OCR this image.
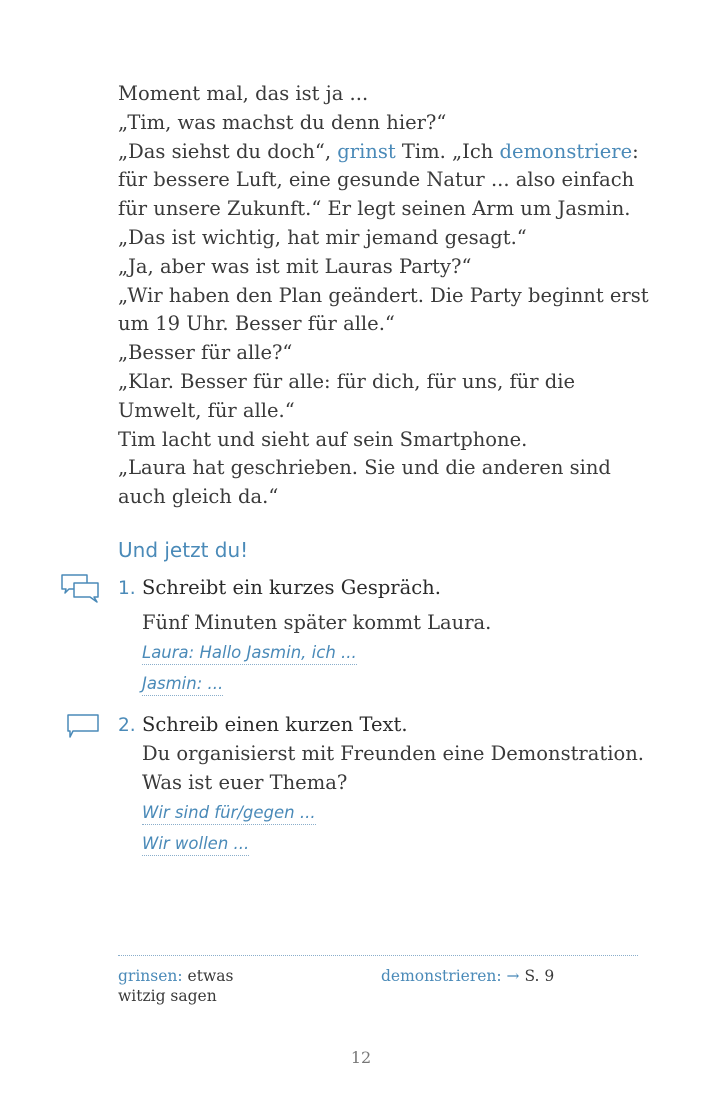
Moment mal, das ist ja ...

„Tim, was machst du denn hier?“

„Das siehst du doch“, grinst Tim. „Ich demonstriere: für bessere Luft, eine gesunde Natur ... also einfach für unsere Zukunft.“ Er legt seinen Arm um Jasmin. „Das ist wichtig, hat mir jemand gesagt.“

„Ja, aber was ist mit Lauras Party?“

„Wir haben den Plan geändert. Die Party beginnt erst um 19 Uhr. Besser für alle.“

„Besser für alle?“

„Klar. Besser für alle: für dich, für uns, für die Umwelt, für alle.“

Tim lacht und sieht auf sein Smartphone.

„Laura hat geschrieben. Sie und die anderen sind auch gleich da.“

Und jetzt du!
1. Schreibt ein kurzes Gespräch.

Fünf Minuten später kommt Laura.

Laura: Hallo Jasmin, ich ...
Jasmin: ...
2. Schreib einen kurzen Text.

Du organisierst mit Freunden eine Demonstration.

Was ist euer Thema?

Wir sind für/gegen ...
Wir wollen ...
grinsen: etwas witzig sagen
demonstrieren: → S. 9
12
